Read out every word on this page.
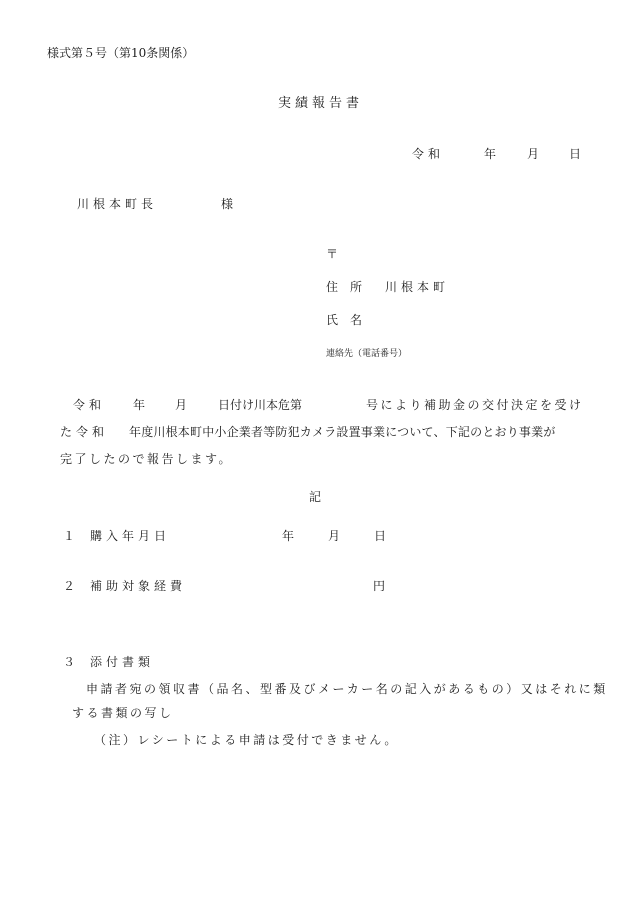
様式第５号（第10条関係）
実績報告書
令和	年	月 日
川根本町長	様
〒
住　所 川根本町
氏　名
連絡先（電話番号）
令和 年 月	日付け川本危第	号により補助金の交付決定を受け
た令和 年度川根本町中小企業者等防犯カメラ設置事業について、下記のとおり事業が
完了したので報告します。
記
１ 購入年月日	年	月	日
２ 補助対象経費	円
３ 添付書類
申請者宛の領収書（品名、型番及びメーカー名の記入があるもの）又はそれに類
する書類の写し
（注）レシートによる申請は受付できません。
